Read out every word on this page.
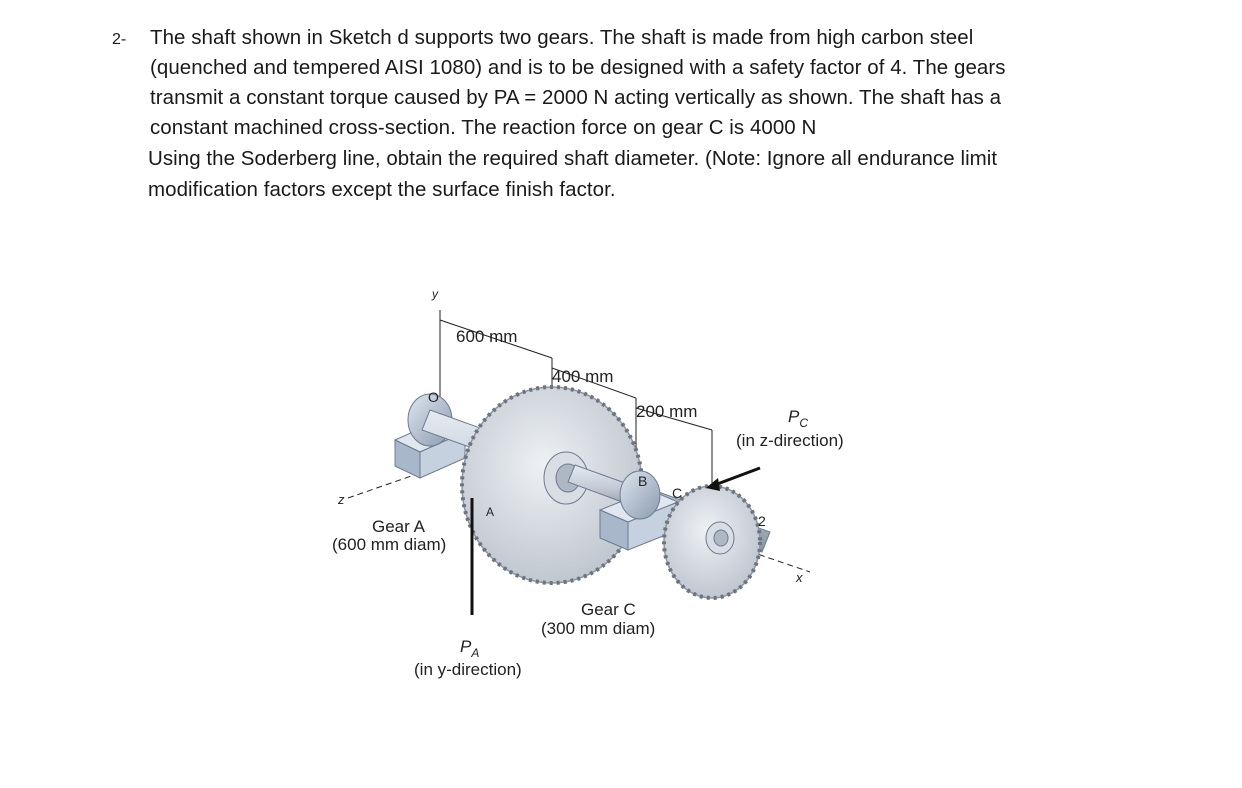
2- The shaft shown in Sketch d supports two gears. The shaft is made from high carbon steel
(quenched and tempered AISI 1080) and is to be designed with a safety factor of 4. The gears
transmit a constant torque caused by PA = 2000 N acting vertically as shown. The shaft has a
constant machined cross-section. The reaction force on gear C is 4000 N
Using the Soderberg line, obtain the required shaft diameter. (Note: Ignore all endurance limit
modification factors except the surface finish factor.
y
O
z
x
600 mm
400 mm
200 mm
A
B
C
2
Gear A
(600 mm diam)
Gear C
(300 mm diam)
$P_A$
(in y-direction)
$P_C$
(in z-direction)
